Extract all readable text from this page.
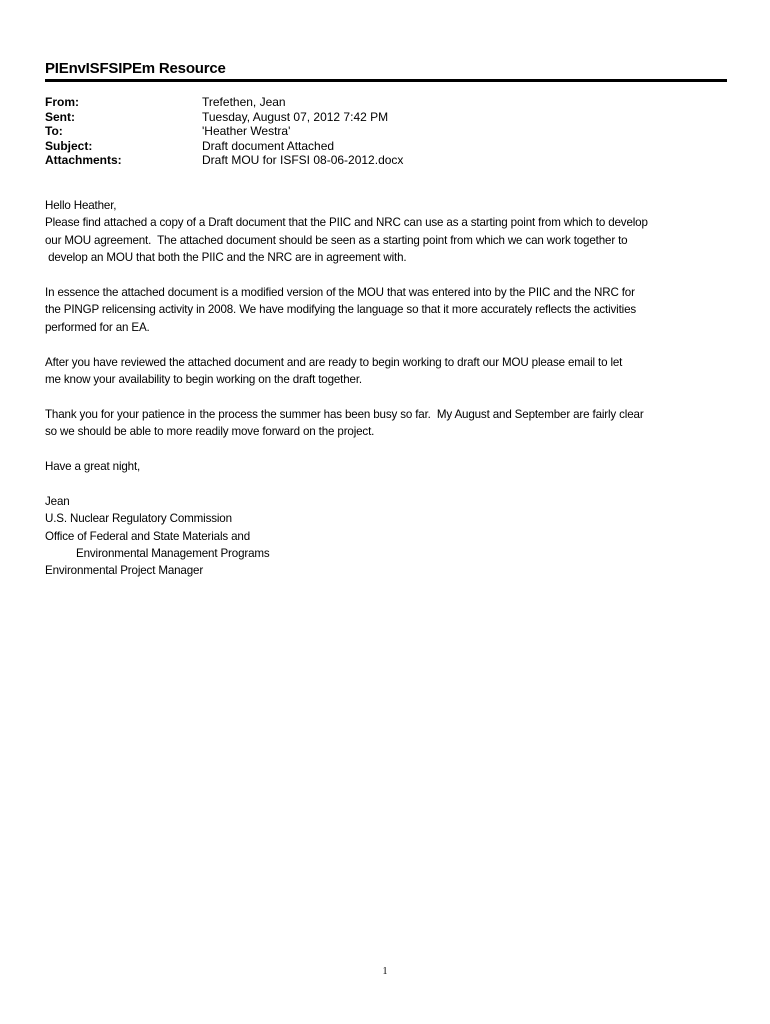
PIEnvISFSIPEm Resource
From:	Trefethen, Jean
Sent:	Tuesday, August 07, 2012 7:42 PM
To:	'Heather Westra'
Subject:	Draft document Attached
Attachments:	Draft MOU for ISFSI 08-06-2012.docx

Hello Heather,

Please find attached a copy of a Draft document that the PIIC and NRC can use as a starting point from which to develop
our MOU agreement.  The attached document should be seen as a starting point from which we can work together to
develop an MOU that both the PIIC and the NRC are in agreement with.

In essence the attached document is a modified version of the MOU that was entered into by the PIIC and the NRC for
the PINGP relicensing activity in 2008. We have modifying the language so that it more accurately reflects the activities
performed for an EA.

After you have reviewed the attached document and are ready to begin working to draft our MOU please email to let
me know your availability to begin working on the draft together.

Thank you for your patience in the process the summer has been busy so far.  My August and September are fairly clear
so we should be able to more readily move forward on the project.

Have a great night,

Jean

U.S. Nuclear Regulatory Commission

Office of Federal and State Materials and

Environmental Management Programs

Environmental Project Manager

1
